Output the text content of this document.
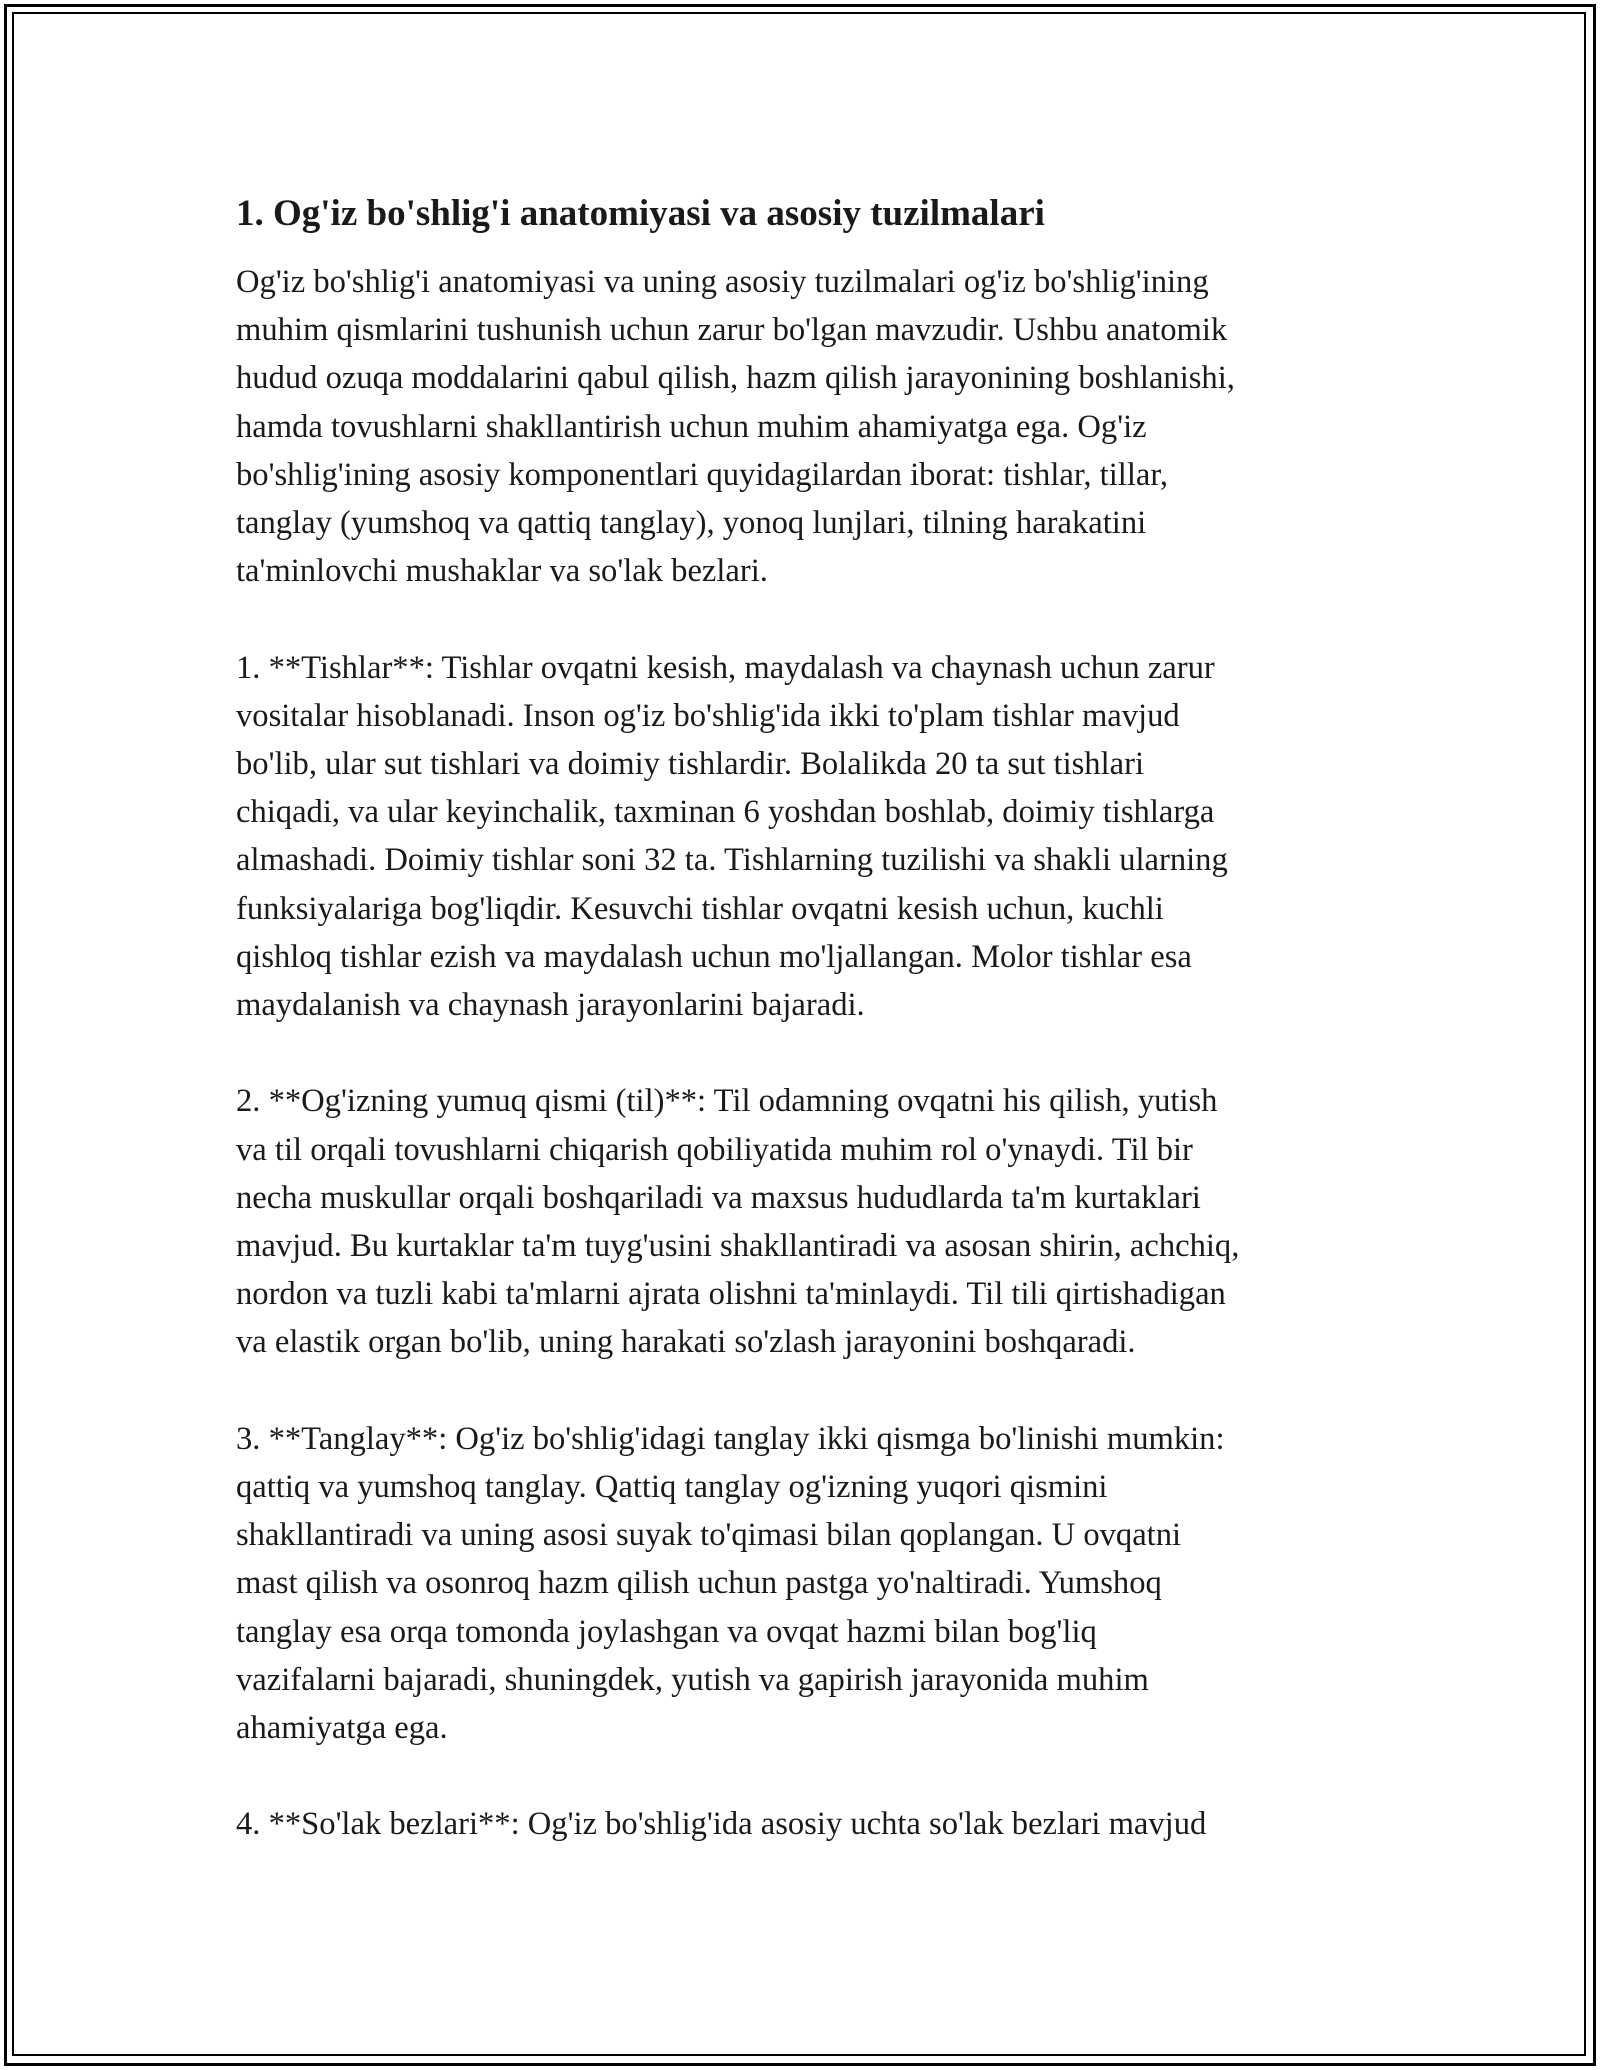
1. Og'iz bo'shlig'i anatomiyasi va asosiy tuzilmalari
Og'iz bo'shlig'i anatomiyasi va uning asosiy tuzilmalari og'iz bo'shlig'ining
muhim qismlarini tushunish uchun zarur bo'lgan mavzudir. Ushbu anatomik
hudud ozuqa moddalarini qabul qilish, hazm qilish jarayonining boshlanishi,
hamda tovushlarni shakllantirish uchun muhim ahamiyatga ega. Og'iz
bo'shlig'ining asosiy komponentlari quyidagilardan iborat: tishlar, tillar,
tanglay (yumshoq va qattiq tanglay), yonoq lunjlari, tilning harakatini
ta'minlovchi mushaklar va so'lak bezlari.
1. **Tishlar**: Tishlar ovqatni kesish, maydalash va chaynash uchun zarur
vositalar hisoblanadi. Inson og'iz bo'shlig'ida ikki to'plam tishlar mavjud
bo'lib, ular sut tishlari va doimiy tishlardir. Bolalikda 20 ta sut tishlari
chiqadi, va ular keyinchalik, taxminan 6 yoshdan boshlab, doimiy tishlarga
almashadi. Doimiy tishlar soni 32 ta. Tishlarning tuzilishi va shakli ularning
funksiyalariga bog'liqdir. Kesuvchi tishlar ovqatni kesish uchun, kuchli
qishloq tishlar ezish va maydalash uchun mo'ljallangan. Molor tishlar esa
maydalanish va chaynash jarayonlarini bajaradi.
2. **Og'izning yumuq qismi (til)**: Til odamning ovqatni his qilish, yutish
va til orqali tovushlarni chiqarish qobiliyatida muhim rol o'ynaydi. Til bir
necha muskullar orqali boshqariladi va maxsus hududlarda ta'm kurtaklari
mavjud. Bu kurtaklar ta'm tuyg'usini shakllantiradi va asosan shirin, achchiq,
nordon va tuzli kabi ta'mlarni ajrata olishni ta'minlaydi. Til tili qirtishadigan
va elastik organ bo'lib, uning harakati so'zlash jarayonini boshqaradi.
3. **Tanglay**: Og'iz bo'shlig'idagi tanglay ikki qismga bo'linishi mumkin:
qattiq va yumshoq tanglay. Qattiq tanglay og'izning yuqori qismini
shakllantiradi va uning asosi suyak to'qimasi bilan qoplangan. U ovqatni
mast qilish va osonroq hazm qilish uchun pastga yo'naltiradi. Yumshoq
tanglay esa orqa tomonda joylashgan va ovqat hazmi bilan bog'liq
vazifalarni bajaradi, shuningdek, yutish va gapirish jarayonida muhim
ahamiyatga ega.
4. **So'lak bezlari**: Og'iz bo'shlig'ida asosiy uchta so'lak bezlari mavjud
